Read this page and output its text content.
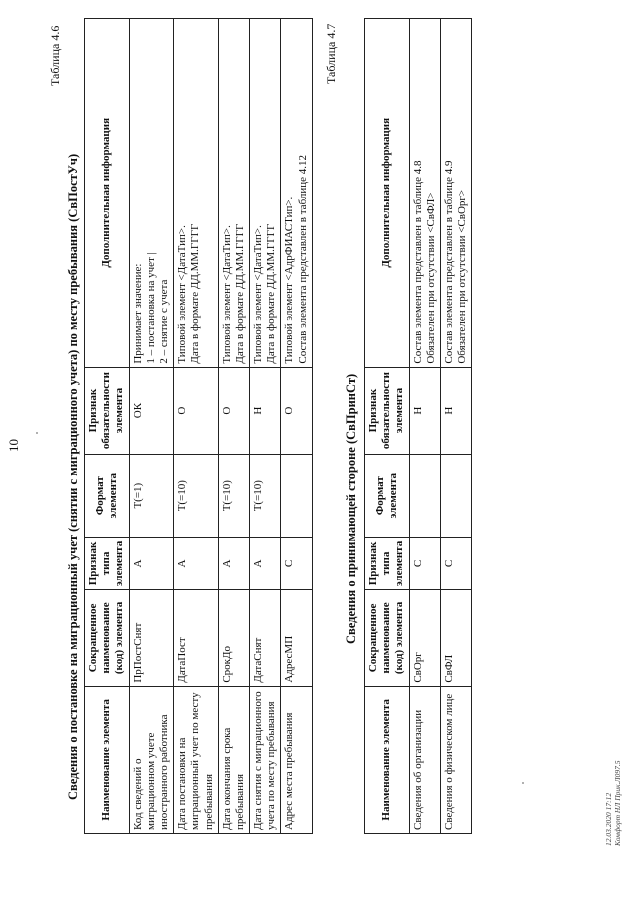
10
Таблица 4.6
Сведения о постановке на миграционный учет (снятии с миграционного учета) по месту пребывания (СвПостУч) Наименование элемента	Сокращенное наименование (код) элемента	Признак типа элемента	Формат элемента	Признак обязательности элемента	Дополнительная информация
Код сведений о миграционном учете иностранного работника	ПрПостСнят	А	Т(=1)	ОК	Принимает значение:
1 – постановка на учет |
2 – снятие с учета
Дата постановки на миграционный учет по месту пребывания	ДатаПост	А	T(=10)	О	Типовой элемент <ДатаТип>.
Дата в формате ДД.ММ.ГГГГ
Дата окончания срока пребывания	СрокДо	А	T(=10)	О	Типовой элемент <ДатаТип>.
Дата в формате ДД.ММ.ГГГГ
Дата снятия с миграционного учета по месту пребывания	ДатаСнят	А	T(=10)	Н	Типовой элемент <ДатаТип>.
Дата в формате ДД.ММ.ГГГГ
Адрес места пребывания	АдресМП	С		О	Типовой элемент <АдрФИАСТип>.
Состав элемента представлен в таблице 4.12
Таблица 4.7
Сведения о принимающей стороне (СвПринСт)
Наименование элемента	Сокращенное наименование (код) элемента	Признак типа элемента	Формат элемента	Признак обязательности элемента	Дополнительная информация
Сведения об организации	СвОрг	С		Н	Состав элемента представлен в таблице 4.8
Обязателен при отсутствии <СвФЛ>
Сведения о физическом лице	СвФЛ	С		Н	Состав элемента представлен в таблице 4.9
Обязателен при отсутствии <СвОрг>
12.03.2020 17:12 Комфорт НЛ Прик.Л097.5
